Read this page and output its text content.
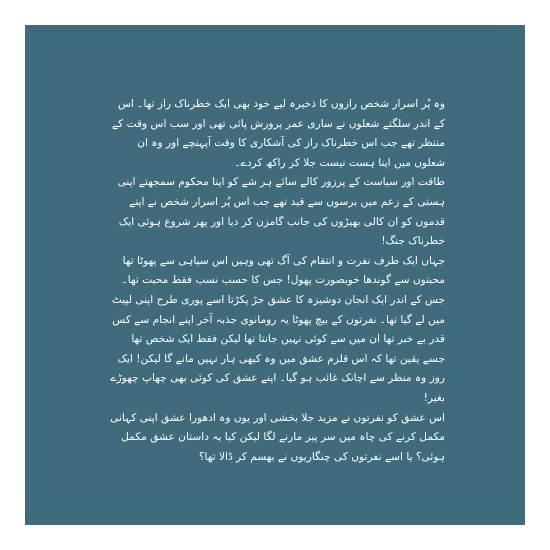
وہ پُر اسرار شخص رازوں کا ذخیرہ لیے خود بھی ایک خطرناک راز تھا۔ اس کے اندر سلگتے شعلوں نے ساری عمر پرورش پائی تھی اور سب اس وقت کے منتظر تھے جب اس خطرناک راز کی آشکاری کا وقت آپہنچے اور وہ ان شعلوں میں اپنا ہست نیست جلا کر راکھ کردے۔

طاقت اور سیاست کے پرزور کالے سائے ہر شے کو اپنا محکوم سمجھتے اپنی ہستی کے زعم میں برسوں سے قید تھے جب اس پُر اسرار شخص نے اپنے قدموں کو ان کالی بھیڑوں کی جانب گامزن کر دیا اور پھر شروع ہوئی ایک خطرناک جنگ!

جہاں ایک طرف نفرت و انتقام کی آگ تھی وہیں اس سیاہی سے پھوٹا تھا محبتوں سے گوندھا خوبصورت پھول! جس کا حسب نسب فقط محبت تھا۔ جس کے اندر ایک انجان دوشیزہ کا عشق جڑ پکڑتا اسے پوری طرح اپنی لپیٹ میں لے گیا تھا۔ نفرتوں کے بیچ پھوٹا یہ رومانوی جذبہ آخر اپنے انجام سے کس قدر بے خبر تھا ان میں سے کوئی نہیں جانتا تھا لیکن فقط ایک شخص تھا جسے یقین تھا کہ اس قلزم عشق میں وہ کبھی ہار نہیں مانے گا لیکن! ایک روز وہ منظر سے اچانک غائب ہو گیا۔ اپنے عشق کی کوئی بھی چھاپ چھوڑے بغیر!

اس عشق کو نفرتوں نے مزید جلا بخشی اور یوں وہ ادھورا عشق اپنی کہانی مکمل کرنے کی چاہ میں سر پیر مارنے لگا لیکن کیا یہ داستان عشق مکمل ہوئی؟ یا اسے نفرتوں کی چنگاریوں نے بھسم کر ڈالا تھا؟
